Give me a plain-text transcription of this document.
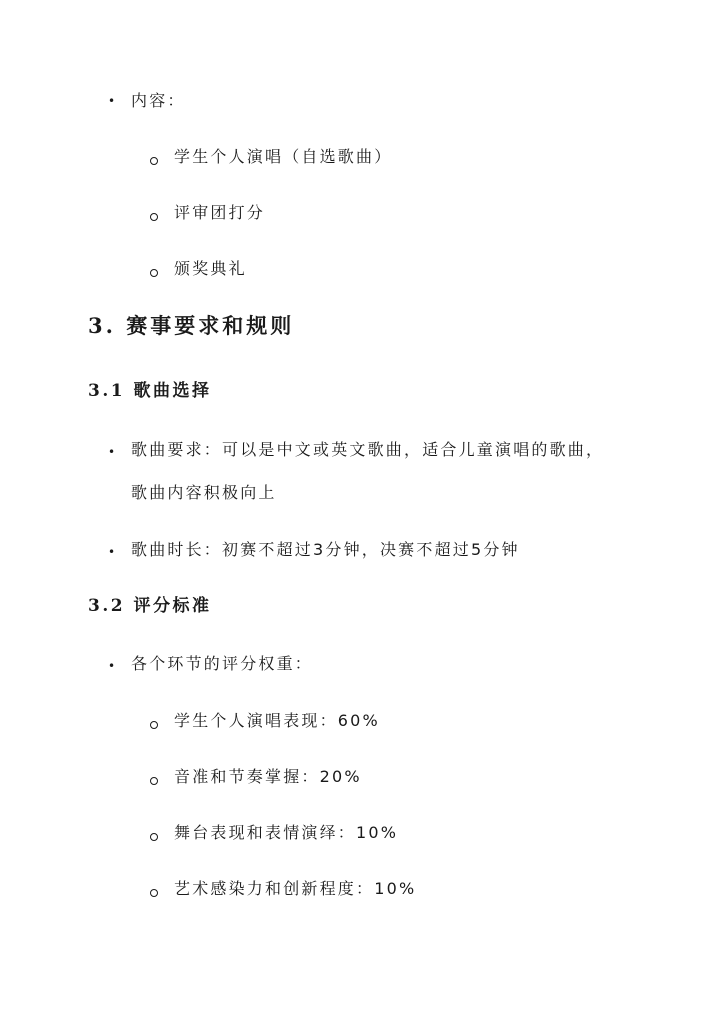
• 内容：
学生个人演唱（自选歌曲）
评审团打分
颁奖典礼
3. 赛事要求和规则
3.1 歌曲选择
• 歌曲要求：可以是中文或英文歌曲，适合儿童演唱的歌曲，
歌曲内容积极向上
• 歌曲时长：初赛不超过3分钟，决赛不超过5分钟
3.2 评分标准
• 各个环节的评分权重：
学生个人演唱表现：60%
音准和节奏掌握：20%
舞台表现和表情演绎：10%
艺术感染力和创新程度：10%
